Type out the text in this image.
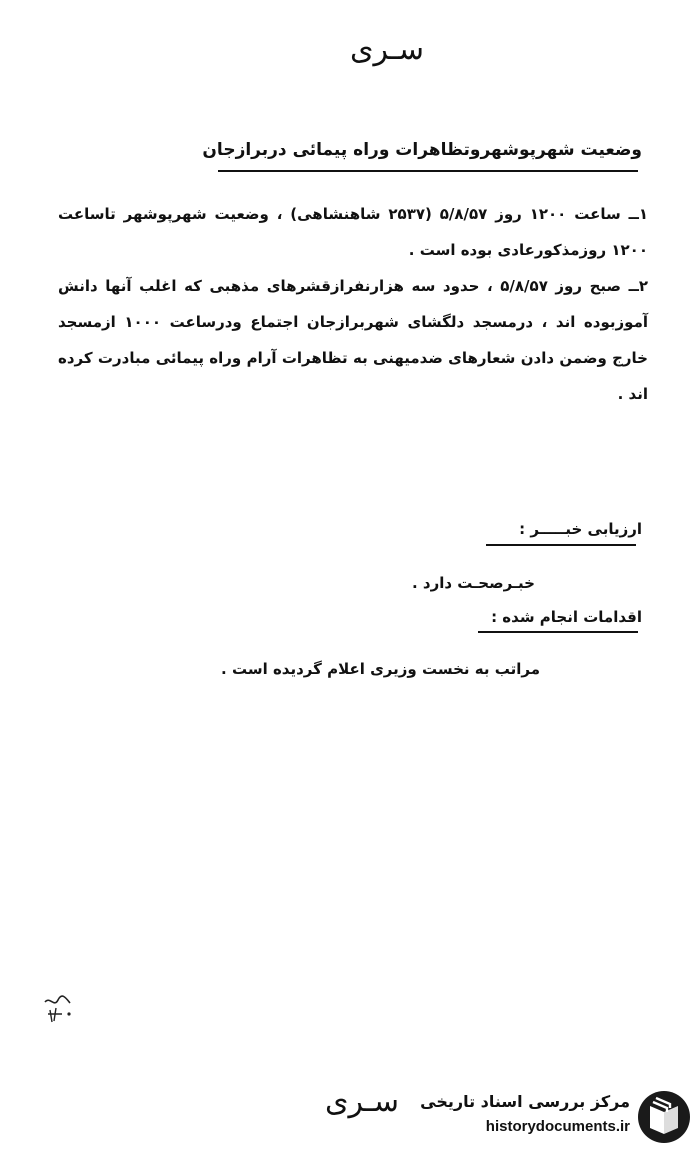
سـری
وضعیت شهرپوشهروتظاهرات وراه پیمائی دربرازجان
۱ــ ساعت ۱۲۰۰ روز ۵/۸/۵۷ (۲۵۳۷ شاهنشاهی) ، وضعیت شهرپوشهر تاساعت ۱۲۰۰ روزمذکورعادی بوده است .
۲ــ صبح روز ۵/۸/۵۷ ، حدود سه هزارنفرازقشرهای مذهبی که اغلب آنها دانش آموزبوده اند ، درمسجد دلگشای شهربرازجان اجتماع ودرساعت ۱۰۰۰ ازمسجد خارج وضمن دادن شعارهای ضدمیهنی به تظاهرات آرام وراه پیمائی مبادرت کرده اند .
ارزیابی خبـــــر :
خبـرصحـت دارد .
اقدامات انجام شده :
مراتب به نخست وزیری اعلام گردیده است .
سـری مرکز بررسی اسناد تاریخی
historydocuments.ir
